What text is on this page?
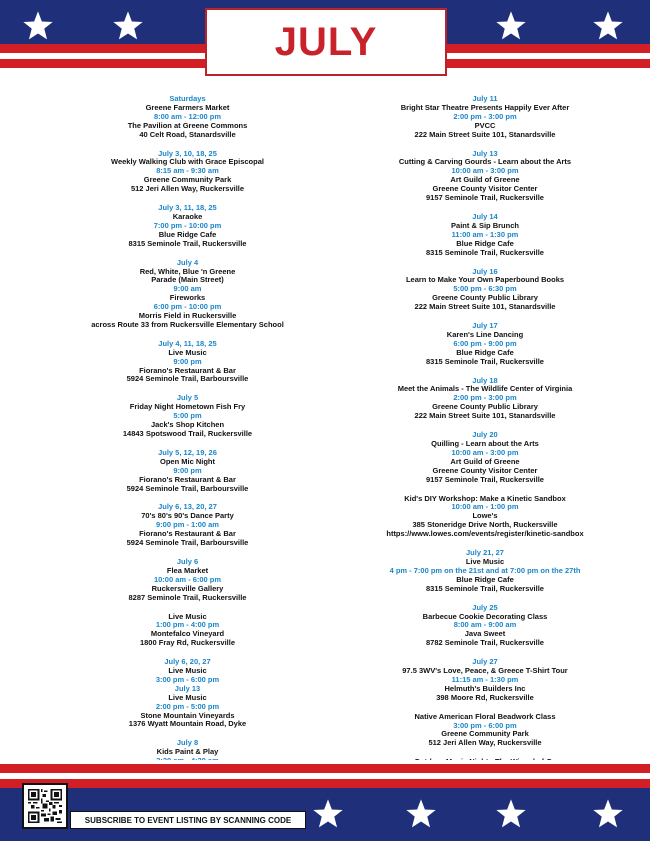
JULY
Saturdays
Greene Farmers Market
8:00 am - 12:00 pm
The Pavilion at Greene Commons
40 Celt Road, Stanardsville
July 3, 10, 18, 25
Weekly Walking Club with Grace Episcopal
8:15 am - 9:30 am
Greene Community Park
512 Jeri Allen Way, Ruckersville
July 3, 11, 18, 25
Karaoke
7:00 pm - 10:00 pm
Blue Ridge Cafe
8315 Seminole Trail, Ruckersville
July 4
Red, White, Blue 'n Greene
Parade (Main Street)
9:00 am
Fireworks
6:00 pm - 10:00 pm
Morris Field in Ruckersville
across Route 33 from Ruckersville Elementary School
July 4, 11, 18, 25
Live Music
9:00 pm
Fiorano's Restaurant & Bar
5924 Seminole Trail, Barboursville
July 5
Friday Night Hometown Fish Fry
5:00 pm
Jack's Shop Kitchen
14843 Spotswood Trail, Ruckersville
July 5, 12, 19, 26
Open Mic Night
9:00 pm
Fiorano's Restaurant & Bar
5924 Seminole Trail, Barboursville
July 6, 13, 20, 27
70's 80's 90's Dance Party
9:00 pm - 1:00 am
Fiorano's Restaurant & Bar
5924 Seminole Trail, Barboursville
July 6
Flea Market
10:00 am - 6:00 pm
Ruckersville Gallery
8287 Seminole Trail, Ruckersville
Live Music
1:00 pm - 4:00 pm
Montefalco Vineyard
1800 Fray Rd, Ruckersville
July 6, 20, 27
Live Music
3:00 pm - 6:00 pm
July 13
Live Music
2:00 pm - 5:00 pm
Stone Mountain Vineyards
1376 Wyatt Mountain Road, Dyke
July 8
Kids Paint & Play
July 11
Bright Star Theatre Presents Happily Ever After
2:00 pm - 3:00 pm
PVCC
222 Main Street Suite 101, Stanardsville
July 13
Cutting & Carving Gourds - Learn about the Arts
10:00 am - 3:00 pm
Art Guild of Greene
Greene County Visitor Center
9157 Seminole Trail, Ruckersville
July 14
Paint & Sip Brunch
11:00 am - 1:30 pm
Blue Ridge Cafe
8315 Seminole Trail, Ruckersville
July 16
Learn to Make Your Own Paperbound Books
5:00 pm - 6:30 pm
Greene County Public Library
222 Main Street Suite 101, Stanardsville
July 17
Karen's Line Dancing
6:00 pm - 9:00 pm
Blue Ridge Cafe
8315 Seminole Trail, Ruckersville
July 18
Meet the Animals - The Wildlife Center of Virginia
2:00 pm - 3:00 pm
Greene County Public Library
222 Main Street Suite 101, Stanardsville
July 20
Quilling - Learn about the Arts
10:00 am - 3:00 pm
Art Guild of Greene
Greene County Visitor Center
9157 Seminole Trail, Ruckersville
Kid's DIY Workshop: Make a Kinetic Sandbox
10:00 am - 1:00 pm
Lowe's
385 Stoneridge Drive North, Ruckersville
https://www.lowes.com/events/register/kinetic-sandbox
July 21, 27
Live Music
4 pm - 7:00 pm on the 21st and at 7:00 pm on the 27th
Blue Ridge Cafe
8315 Seminole Trail, Ruckersville
July 25
Barbecue Cookie Decorating Class
8:00 am - 9:00 am
Java Sweet
8782 Seminole Trail, Ruckersville
July 27
97.5 3WV's Love, Peace, & Greece T-Shirt Tour
11:15 am - 1:30 pm
Helmuth's Builders Inc
398 Moore Rd, Ruckersville
Native American Floral Beadwork Class
3:00 pm - 6:00 pm
Greene Community Park
512 Jeri Allen Way, Ruckersville
SUBSCRIBE TO EVENT LISTING BY SCANNING CODE
